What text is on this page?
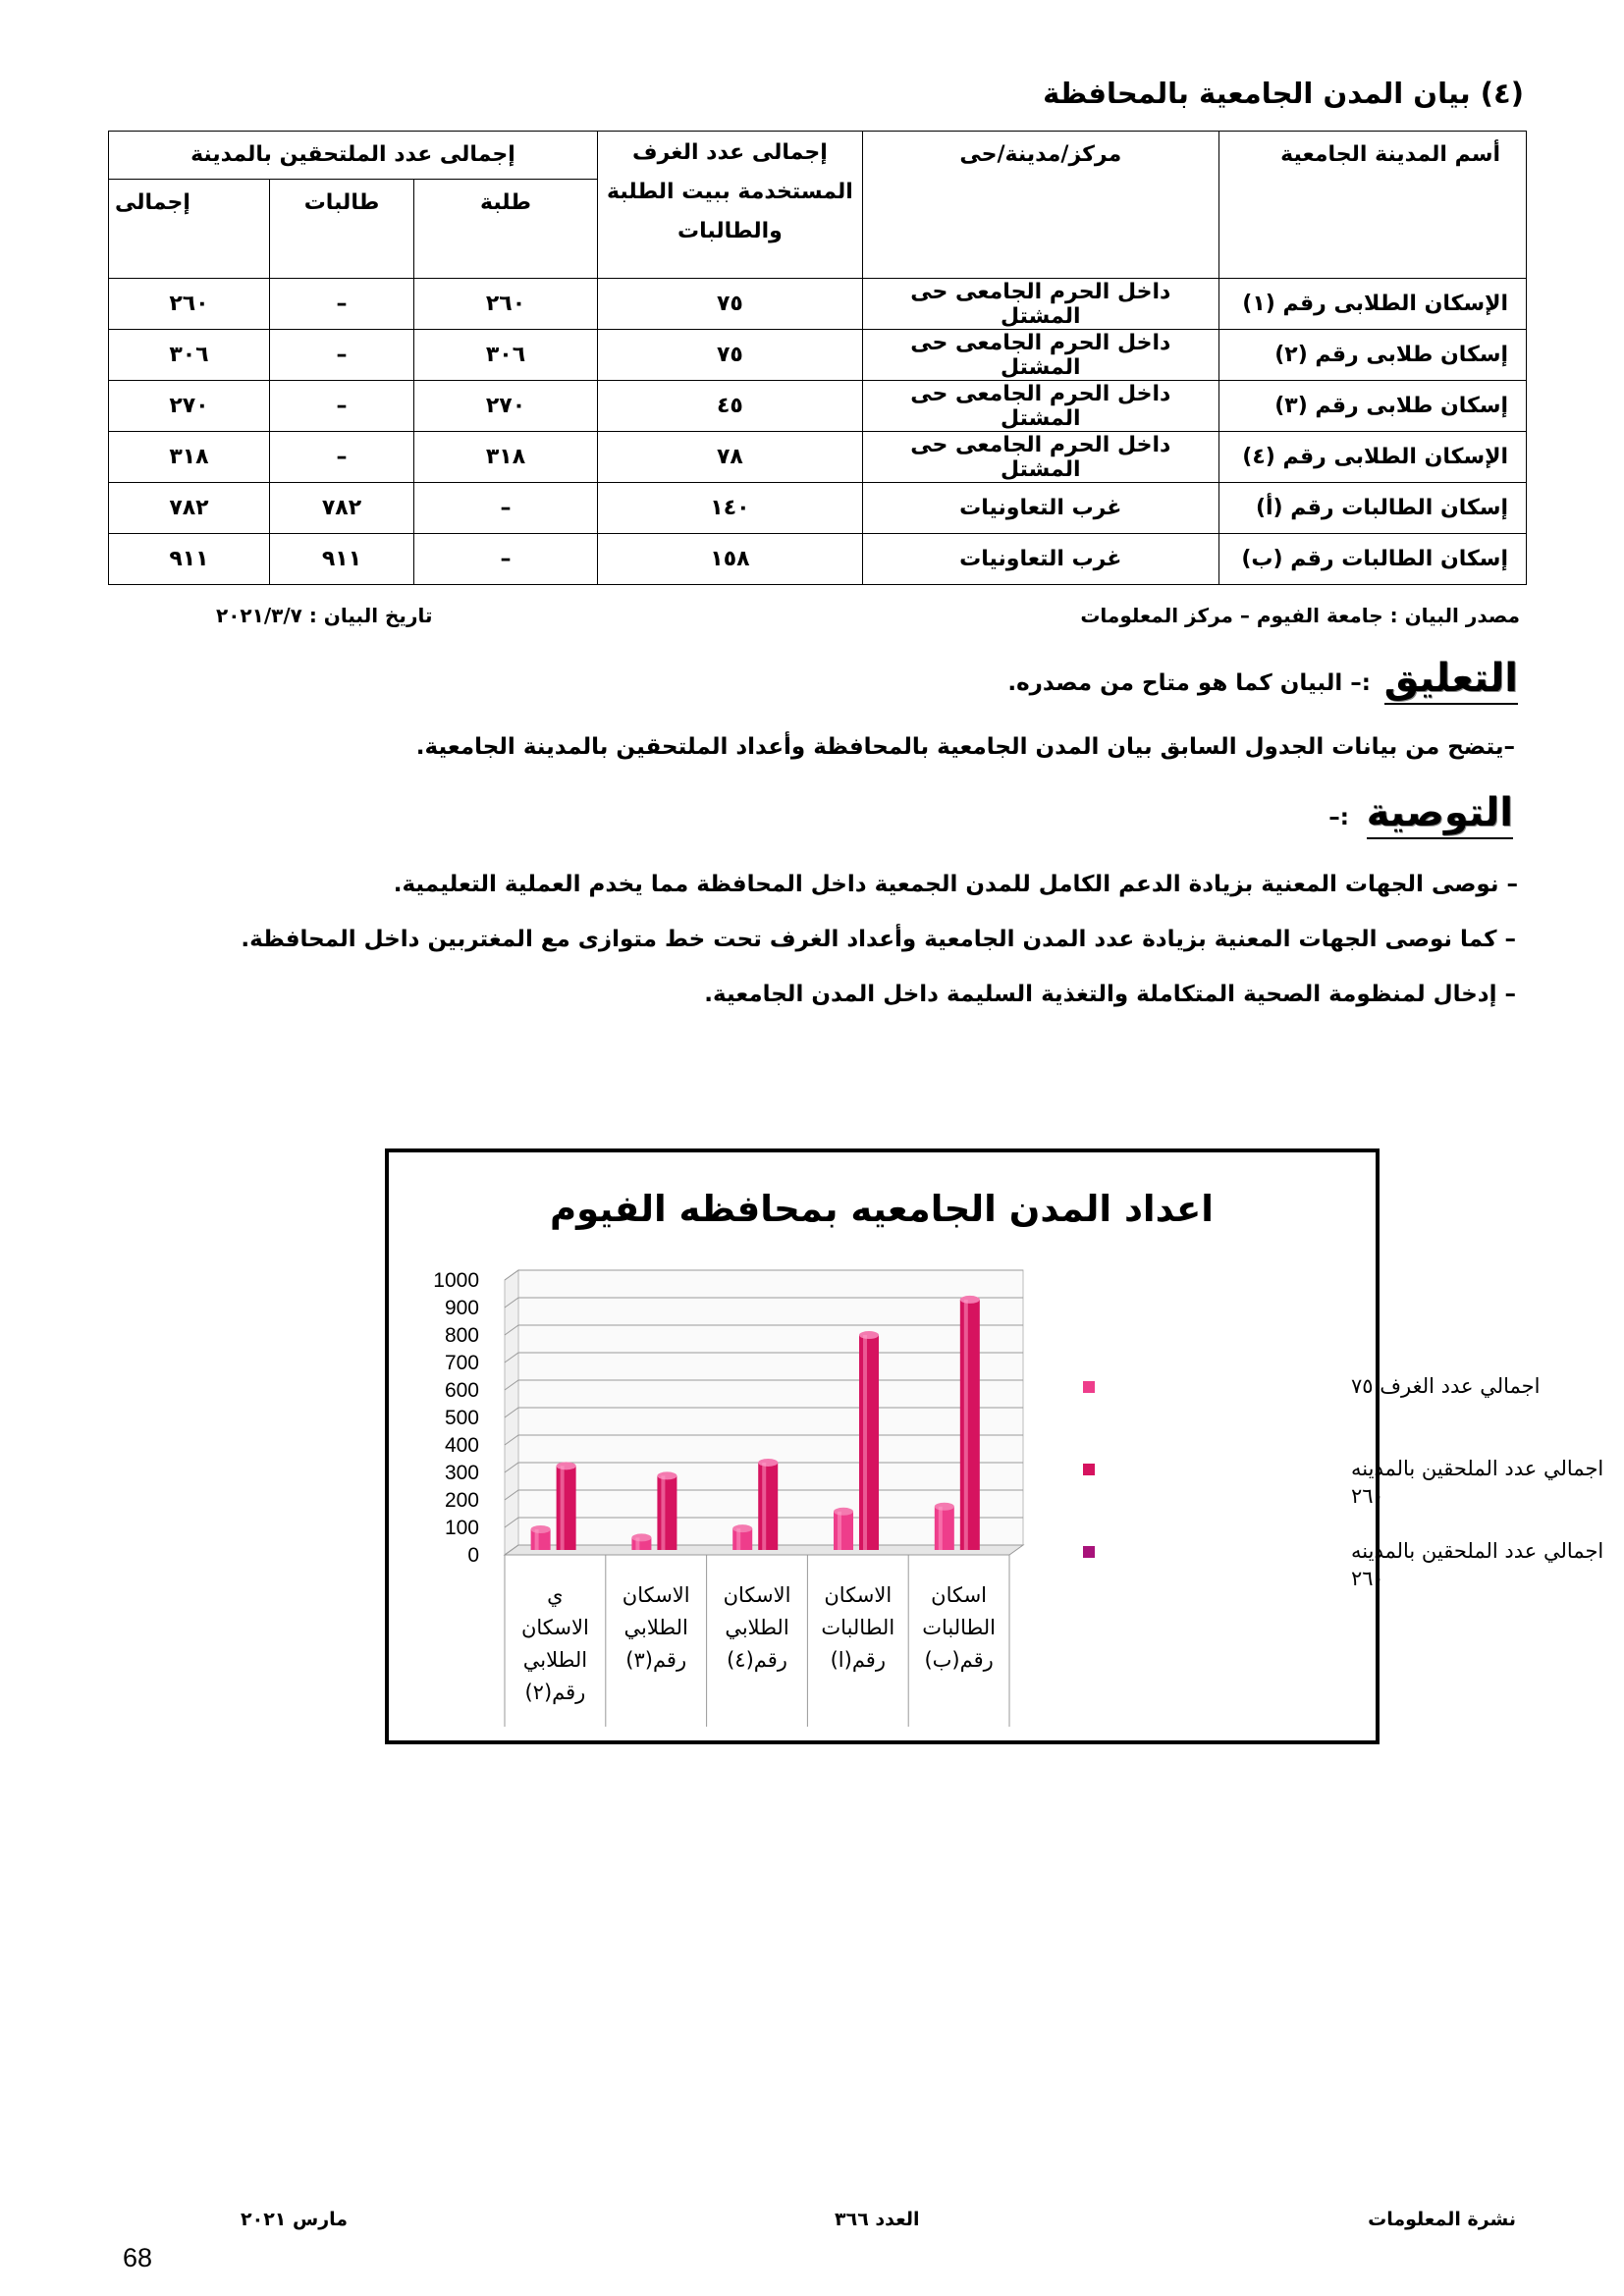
(٤) بيان المدن الجامعية بالمحافظة
أسم المدينة الجامعية	مركز/مدينة/حى	إجمالى عدد الغرف المستخدمة ببيت الطلبة والطالبات	إجمالى عدد الملتحقين بالمدينة		
			طلبة	طالبات	إجمالى
الإسكان الطلابى رقم (١)	داخل الحرم الجامعى حى المشتل	٧٥	٢٦٠	–	٢٦٠
إسكان طلابى رقم (٢)	داخل الحرم الجامعى حى المشتل	٧٥	٣٠٦	–	٣٠٦
إسكان طلابى رقم (٣)	داخل الحرم الجامعى حى المشتل	٤٥	٢٧٠	–	٢٧٠
الإسكان الطلابى رقم (٤)	داخل الحرم الجامعى حى المشتل	٧٨	٣١٨	–	٣١٨
إسكان الطالبات رقم (أ)	غرب التعاونيات	١٤٠	–	٧٨٢	٧٨٢
إسكان الطالبات رقم (ب)	غرب التعاونيات	١٥٨	–	٩١١	٩١١
مصدر البيان : جامعة الفيوم – مركز المعلومات
تاريخ البيان : ٢٠٢١/٣/٧
التعليق
:– البيان كما هو متاح من مصدره.
–يتضح من بيانات الجدول السابق بيان المدن الجامعية بالمحافظة وأعداد الملتحقين بالمدينة الجامعية.
التوصية
:–
– نوصى الجهات المعنية بزيادة الدعم الكامل للمدن الجمعية داخل المحافظة مما يخدم العملية التعليمية.
– كما نوصى الجهات المعنية بزيادة عدد المدن الجامعية وأعداد الغرف تحت خط متوازى مع المغتربين داخل المحافظة.
– إدخال لمنظومة الصحية المتكاملة والتغذية السليمة داخل المدن الجامعية.
اعداد المدن الجامعيه بمحافظه الفيوم
0
100
200
300
400
500
600
700
800
900
1000
ي
الاسكان
الطلابي
رقم(٢)
الاسكان
الطلابي
رقم(٣)
الاسكان
الطلابي
رقم(٤)
الاسكان
الطالبات
رقم(ا)
اسكان
الطالبات
رقم(ب)
اجمالي عدد الغرف ٧٥
اجمالي عدد الملحقين بالمدينه ٢٦٠
اجمالي عدد الملحقين بالمدينه ٢٦٠
مارس ٢٠٢١	العدد ٣٦٦	نشرة المعلومات
68
